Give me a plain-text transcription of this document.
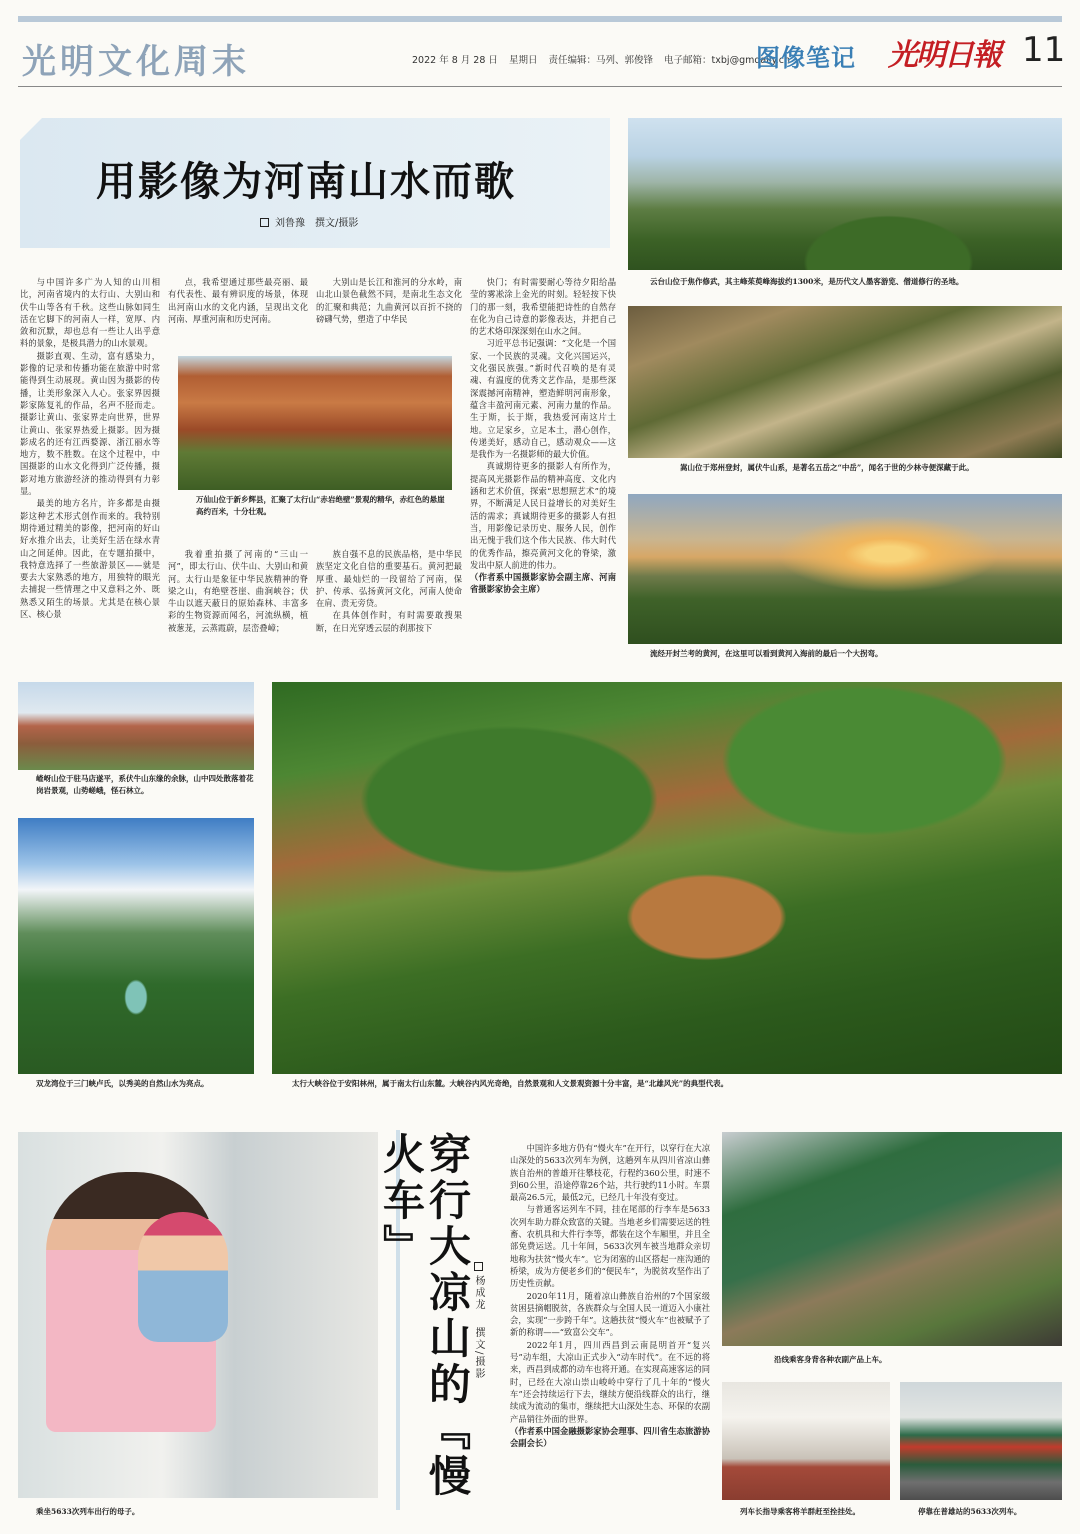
光明文化周末	2022 年 8 月 28 日 星期日 责任编辑：马列、郭俊锋 电子邮箱：txbj@gmdaily.cn
图像笔记 光明日報 11
用影像为河南山水而歌
刘鲁豫　撰文/摄影

与中国许多广为人知的山川相比，河南省境内的太行山、大别山和伏牛山等各有千秋。这些山脉如同生活在它脚下的河南人一样，宽厚、内敛和沉默，却也总有一些让人出乎意料的景象，是极具潜力的山水景观。

摄影直观、生动，富有感染力，影像的记录和传播功能在旅游中时常能得到生动展现。黄山因为摄影的传播，让美形象深入人心。张家界因摄影家陈复礼的作品，名声不胫而走。摄影让黄山、张家界走向世界，世界让黄山、张家界热爱上摄影。因为摄影成名的还有江西婺源、浙江丽水等地方，数不胜数。在这个过程中，中国摄影的山水文化得到广泛传播，摄影对地方旅游经济的推动得到有力彰显。

最美的地方名片，许多都是由摄影这种艺术形式创作而来的。我特别期待通过精美的影像，把河南的好山好水推介出去，让美好生活在绿水青山之间延伸。因此，在专题拍摄中，我特意选择了一些旅游景区——就是要去大家熟悉的地方，用独特的眼光去捕捉一些情理之中又意料之外、既熟悉又陌生的场景。尤其是在核心景区、核心景

点，我希望通过那些最亮丽、最有代表性、最有辨识度的场景，体现出河南山水的文化内涵，呈现出文化河南、厚重河南和历史河南。

大别山是长江和淮河的分水岭，南山北山景色截然不同，是南北生态文化的汇聚和典范；九曲黄河以百折不挠的磅礴气势，塑造了中华民

万仙山位于新乡辉县，汇聚了太行山“赤岩绝壁”景观的精华，赤红色的悬崖高约百米，十分壮观。

我着重拍摄了河南的“三山一河”，即太行山、伏牛山、大别山和黄河。太行山是象征中华民族精神的脊梁之山，有绝壁苍崖、曲涧峡谷；伏牛山以遮天蔽日的原始森林、丰富多彩的生物资源而闻名，河流纵横，植被葱茏，云蒸霞蔚，层峦叠嶂；

族自强不息的民族品格，是中华民族坚定文化自信的重要基石。黄河把最厚重、最灿烂的一段留给了河南，保护、传承、弘扬黄河文化，河南人使命在肩、责无旁贷。

在具体创作时，有时需要敢搜果断，在日光穿透云层的刹那按下

快门；有时需要耐心等待夕阳给晶莹的雾凇涂上金光的时刻。轻轻按下快门的那一刻，我希望能把诗性的自然存在化为自己诗意的影像表达，并把自己的艺术烙印深深刻在山水之间。

习近平总书记强调：“文化是一个国家、一个民族的灵魂。文化兴国运兴，文化强民族强。”新时代召唤的是有灵魂、有温度的优秀文艺作品，是那些深深震撼河南精神，塑造鲜明河南形象，蕴含丰盈河南元素、河南力量的作品。生于斯，长于斯，我热爱河南这片土地。立足家乡，立足本土，潜心创作，传递美好，感动自己，感动观众——这是我作为一名摄影师的最大价值。

真诚期待更多的摄影人有所作为，提高风光摄影作品的精神高度、文化内涵和艺术价值，探索“思想照艺术”的境界，不断满足人民日益增长的对美好生活的需求；真诚期待更多的摄影人有担当，用影像记录历史、服务人民，创作出无愧于我们这个伟大民族、伟大时代的优秀作品，擦亮黄河文化的脊梁，激发出中原人前进的伟力。

（作者系中国摄影家协会副主席、河南省摄影家协会主席）

云台山位于焦作修武，其主峰茱萸峰海拔约1300米，是历代文人墨客游览、僧道修行的圣地。
嵩山位于郑州登封，属伏牛山系，是著名五岳之“中岳”，闻名于世的少林寺便深藏于此。
流经开封兰考的黄河，在这里可以看到黄河入海前的最后一个大拐弯。
嵖岈山位于驻马店遂平，系伏牛山东缘的余脉，山中四处散落着花岗岩景观，山势嵯峨，怪石林立。
双龙湾位于三门峡卢氏，以秀美的自然山水为亮点。	太行大峡谷位于安阳林州，属于南太行山东麓。大峡谷内风光奇绝，自然景观和人文景观资源十分丰富，是“北雄风光”的典型代表。
乘坐5633次列车出行的母子。
穿行大凉山的『慢火车』
杨成龙撰文/摄影

中国许多地方仍有“慢火车”在开行，以穿行在大凉山深处的5633次列车为例，这趟列车从四川省凉山彝族自治州的普雄开往攀枝花，行程约360公里，时速不到60公里，沿途停靠26个站，共行驶约11小时。车票最高26.5元，最低2元，已经几十年没有变过。

与普通客运列车不同，挂在尾部的行李车是5633次列车助力群众致富的关键。当地老乡们需要运送的牲畜、农机具和大件行李等，都装在这个车厢里，并且全部免费运送。几十年间，5633次列车被当地群众亲切地称为扶贫“慢火车”。它为闭塞的山区搭起一座沟通的桥梁，成为方便老乡们的“便民车”，为脱贫攻坚作出了历史性贡献。

2020年11月，随着凉山彝族自治州的7个国家级贫困县摘帽脱贫，各族群众与全国人民一道迈入小康社会，实现“一步跨千年”。这趟扶贫“慢火车”也被赋予了新的称谓——“致富公交车”。

2022年1月，四川西昌到云南昆明首开“复兴号”动车组，大凉山正式步入“动车时代”。在不远的将来，西昌到成都的动车也将开通。在实现高速客运的同时，已经在大凉山崇山峻岭中穿行了几十年的“慢火车”还会持续运行下去，继续方便沿线群众的出行，继续成为流动的集市，继续把大山深处生态、环保的农副产品销往外面的世界。

（作者系中国金融摄影家协会理事、四川省生态旅游协会副会长）

沿线乘客身背各种农副产品上车。
列车长指导乘客将羊群赶至拴挂处。	停靠在普雄站的5633次列车。
